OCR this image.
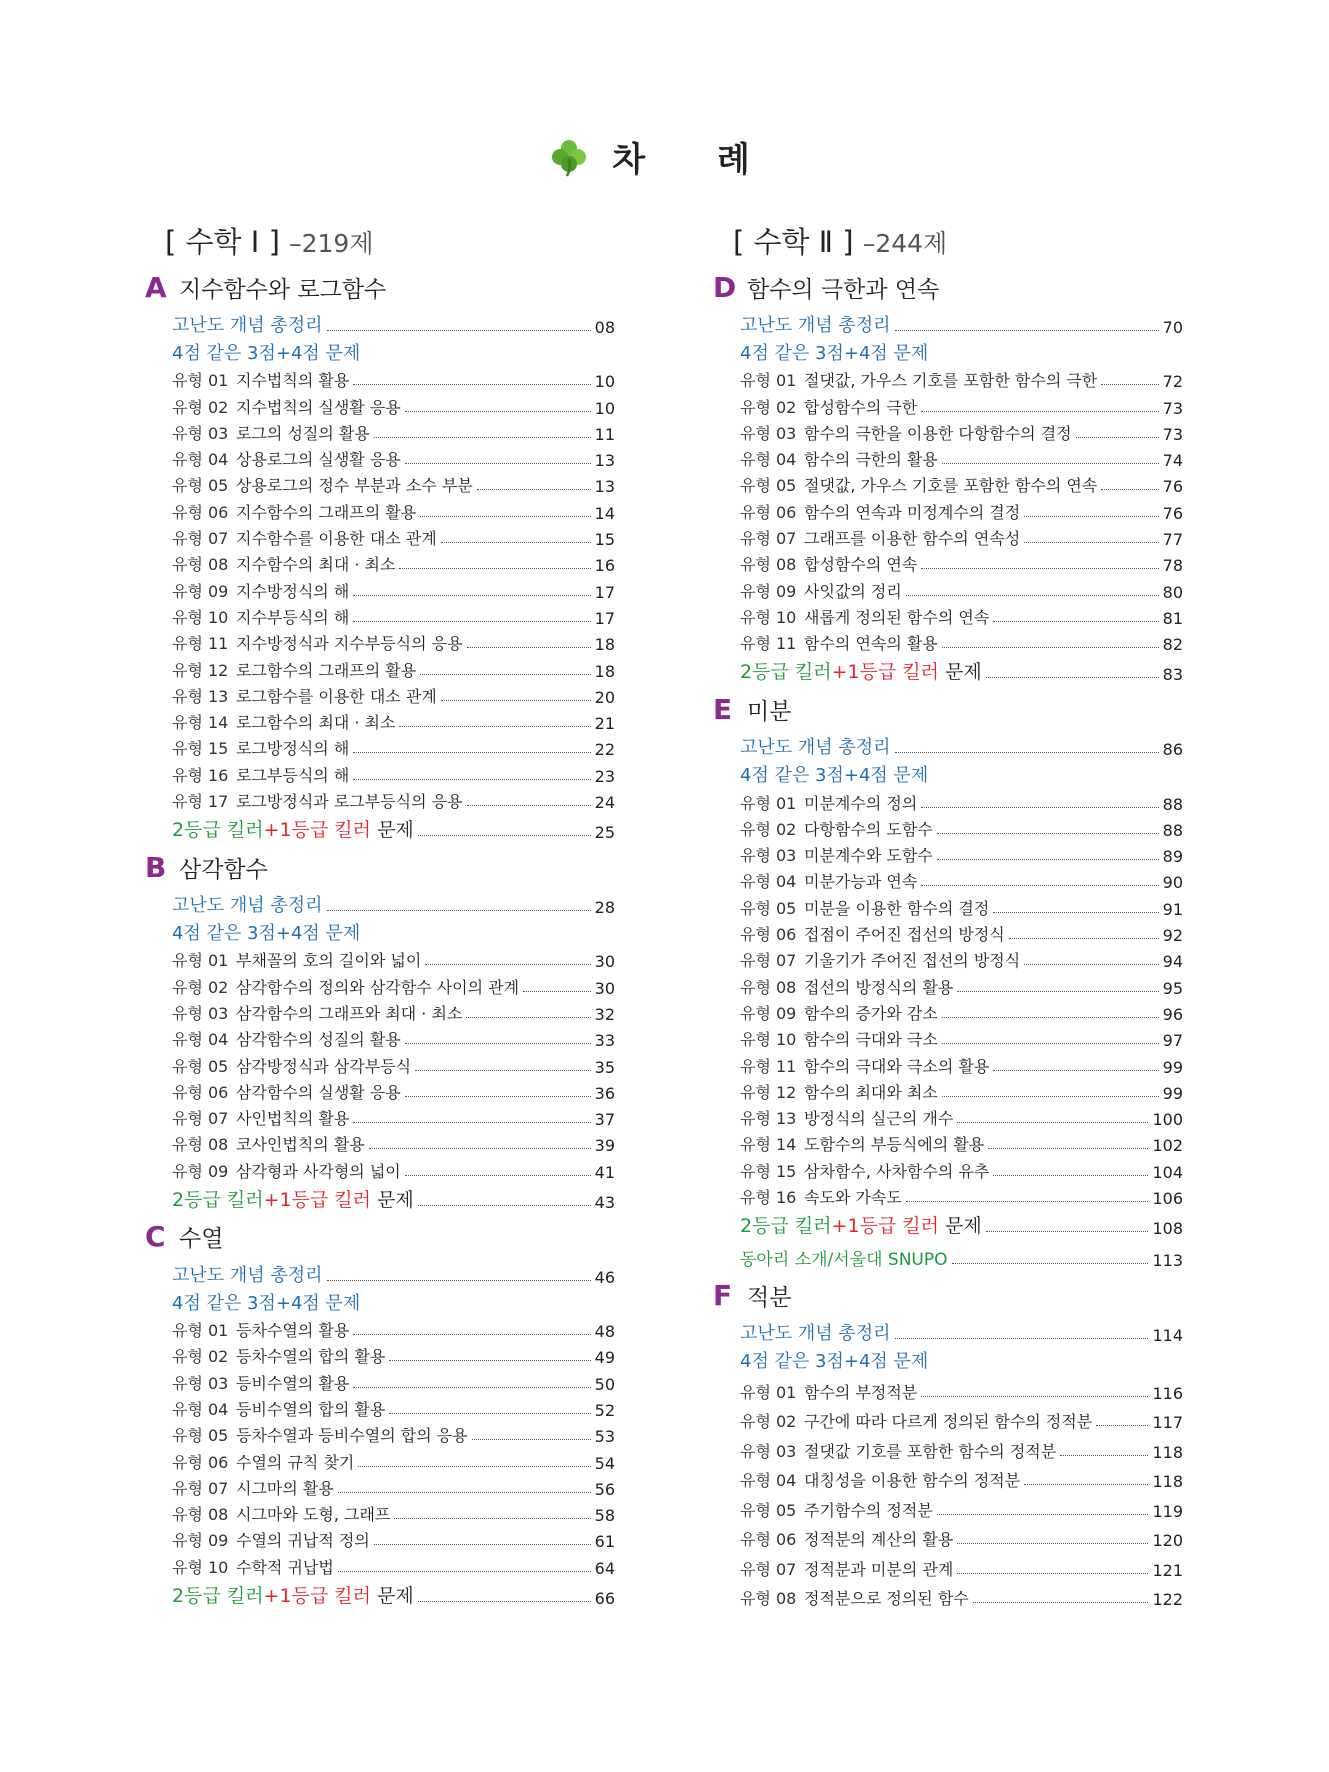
차 례
[ 수학 Ⅰ ] –219제
A 지수함수와 로그함수
고난도 개념 총정리	08
4점 같은 3점+4점 문제
유형 01 지수법칙의 활용	10
유형 02 지수법칙의 실생활 응용	10
유형 03 로그의 성질의 활용	11
유형 04 상용로그의 실생활 응용	13
유형 05 상용로그의 정수 부분과 소수 부분	13
유형 06 지수함수의 그래프의 활용	14
유형 07 지수함수를 이용한 대소 관계	15
유형 08 지수함수의 최대 · 최소	16
유형 09 지수방정식의 해	17
유형 10 지수부등식의 해	17
유형 11 지수방정식과 지수부등식의 응용	18
유형 12 로그함수의 그래프의 활용	18
유형 13 로그함수를 이용한 대소 관계	20
유형 14 로그함수의 최대 · 최소	21
유형 15 로그방정식의 해	22
유형 16 로그부등식의 해	23
유형 17 로그방정식과 로그부등식의 응용	24
2등급 킬러+1등급 킬러 문제	25
B 삼각함수
고난도 개념 총정리	28
4점 같은 3점+4점 문제
유형 01 부채꼴의 호의 길이와 넓이	30
유형 02 삼각함수의 정의와 삼각함수 사이의 관계	30
유형 03 삼각함수의 그래프와 최대 · 최소	32
유형 04 삼각함수의 성질의 활용	33
유형 05 삼각방정식과 삼각부등식	35
유형 06 삼각함수의 실생활 응용	36
유형 07 사인법칙의 활용	37
유형 08 코사인법칙의 활용	39
유형 09 삼각형과 사각형의 넓이	41
2등급 킬러+1등급 킬러 문제	43
C 수열
고난도 개념 총정리	46
4점 같은 3점+4점 문제
유형 01 등차수열의 활용	48
유형 02 등차수열의 합의 활용	49
유형 03 등비수열의 활용	50
유형 04 등비수열의 합의 활용	52
유형 05 등차수열과 등비수열의 합의 응용	53
유형 06 수열의 규칙 찾기	54
유형 07 시그마의 활용	56
유형 08 시그마와 도형, 그래프	58
유형 09 수열의 귀납적 정의	61
유형 10 수학적 귀납법	64
2등급 킬러+1등급 킬러 문제	66
[ 수학 Ⅱ ] –244제
D 함수의 극한과 연속
고난도 개념 총정리	70
4점 같은 3점+4점 문제
유형 01 절댓값, 가우스 기호를 포함한 함수의 극한	72
유형 02 합성함수의 극한	73
유형 03 함수의 극한을 이용한 다항함수의 결정	73
유형 04 함수의 극한의 활용	74
유형 05 절댓값, 가우스 기호를 포함한 함수의 연속	76
유형 06 함수의 연속과 미정계수의 결정	76
유형 07 그래프를 이용한 함수의 연속성	77
유형 08 합성함수의 연속	78
유형 09 사잇값의 정리	80
유형 10 새롭게 정의된 함수의 연속	81
유형 11 함수의 연속의 활용	82
2등급 킬러+1등급 킬러 문제	83
E 미분
고난도 개념 총정리	86
4점 같은 3점+4점 문제
유형 01 미분계수의 정의	88
유형 02 다항함수의 도함수	88
유형 03 미분계수와 도함수	89
유형 04 미분가능과 연속	90
유형 05 미분을 이용한 함수의 결정	91
유형 06 접점이 주어진 접선의 방정식	92
유형 07 기울기가 주어진 접선의 방정식	94
유형 08 접선의 방정식의 활용	95
유형 09 함수의 증가와 감소	96
유형 10 함수의 극대와 극소	97
유형 11 함수의 극대와 극소의 활용	99
유형 12 함수의 최대와 최소	99
유형 13 방정식의 실근의 개수	100
유형 14 도함수의 부등식에의 활용	102
유형 15 삼차함수, 사차함수의 유추	104
유형 16 속도와 가속도	106
2등급 킬러+1등급 킬러 문제	108
동아리 소개/서울대 SNUPO	113
F 적분
고난도 개념 총정리	114
4점 같은 3점+4점 문제
유형 01 함수의 부정적분	116
유형 02 구간에 따라 다르게 정의된 함수의 정적분	117
유형 03 절댓값 기호를 포함한 함수의 정적분	118
유형 04 대칭성을 이용한 함수의 정적분	118
유형 05 주기함수의 정적분	119
유형 06 정적분의 계산의 활용	120
유형 07 정적분과 미분의 관계	121
유형 08 정적분으로 정의된 함수	122
